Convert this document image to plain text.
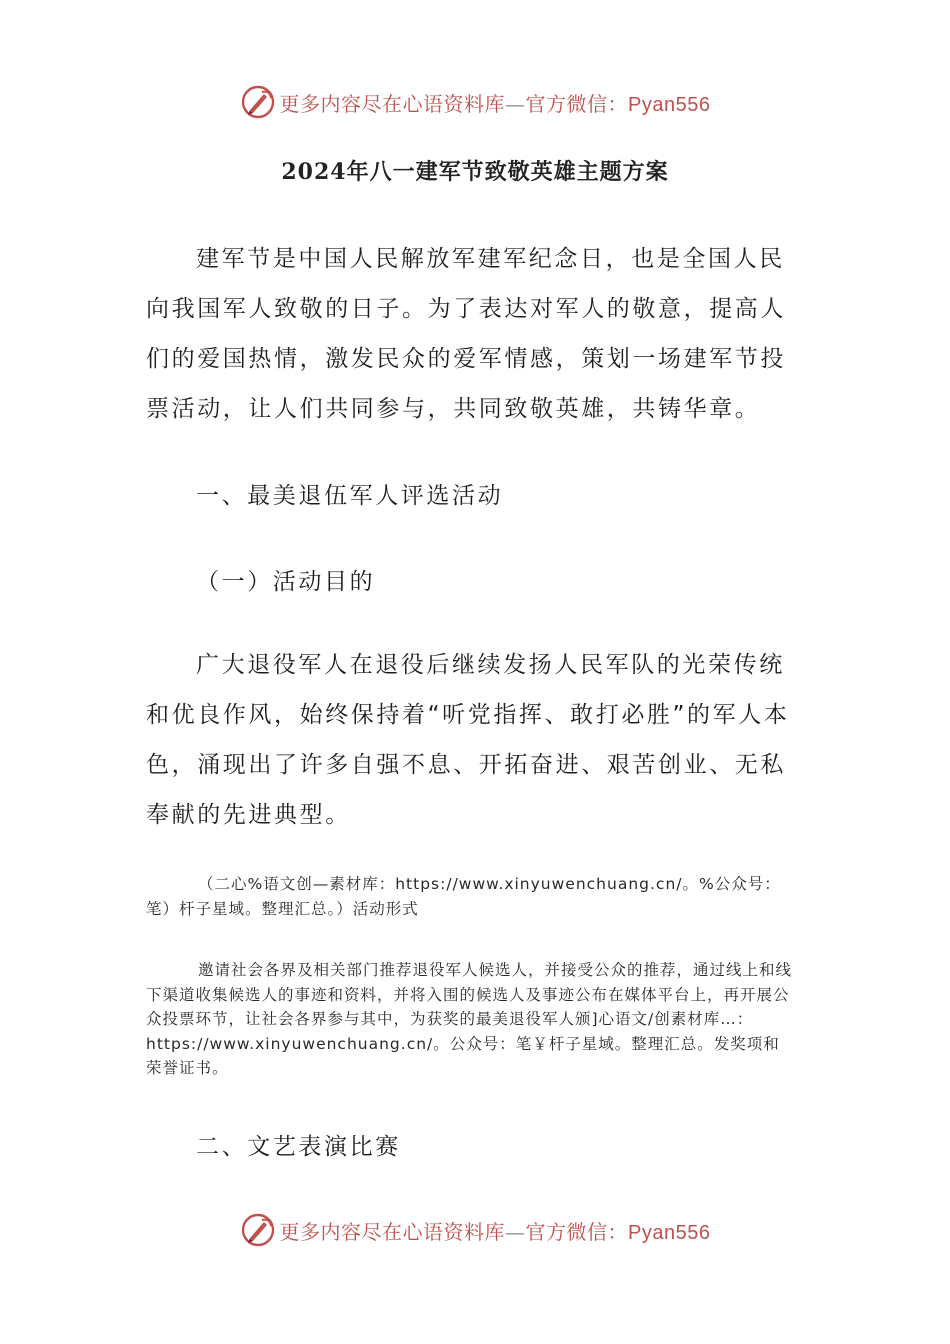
更多内容尽在心语资料库—官方微信：Pyan556
2024年八一建军节致敬英雄主题方案

建军节是中国人民解放军建军纪念日，也是全国人民向我国军人致敬的日子。为了表达对军人的敬意，提高人们的爱国热情，激发民众的爱军情感，策划一场建军节投票活动，让人们共同参与，共同致敬英雄，共铸华章。

一、最美退伍军人评选活动

（一）活动目的

广大退役军人在退役后继续发扬人民军队的光荣传统和优良作风，始终保持着“听党指挥、敢打必胜”的军人本色，涌现出了许多自强不息、开拓奋进、艰苦创业、无私奉献的先进典型。

（二心%语文创—素材库：https://www.xinyuwenchuang.cn/。%公众号：笔）杆子星域。整理汇总。）活动形式

邀请社会各界及相关部门推荐退役军人候选人，并接受公众的推荐，通过线上和线下渠道收集候选人的事迹和资料，并将入围的候选人及事迹公布在媒体平台上，再开展公众投票环节，让社会各界参与其中，为获奖的最美退役军人颁]心语文/创素材库…：https://www.xinyuwenchuang.cn/。公众号：笔￥杆子星域。整理汇总。发奖项和荣誉证书。

二、文艺表演比赛

更多内容尽在心语资料库—官方微信：Pyan556
